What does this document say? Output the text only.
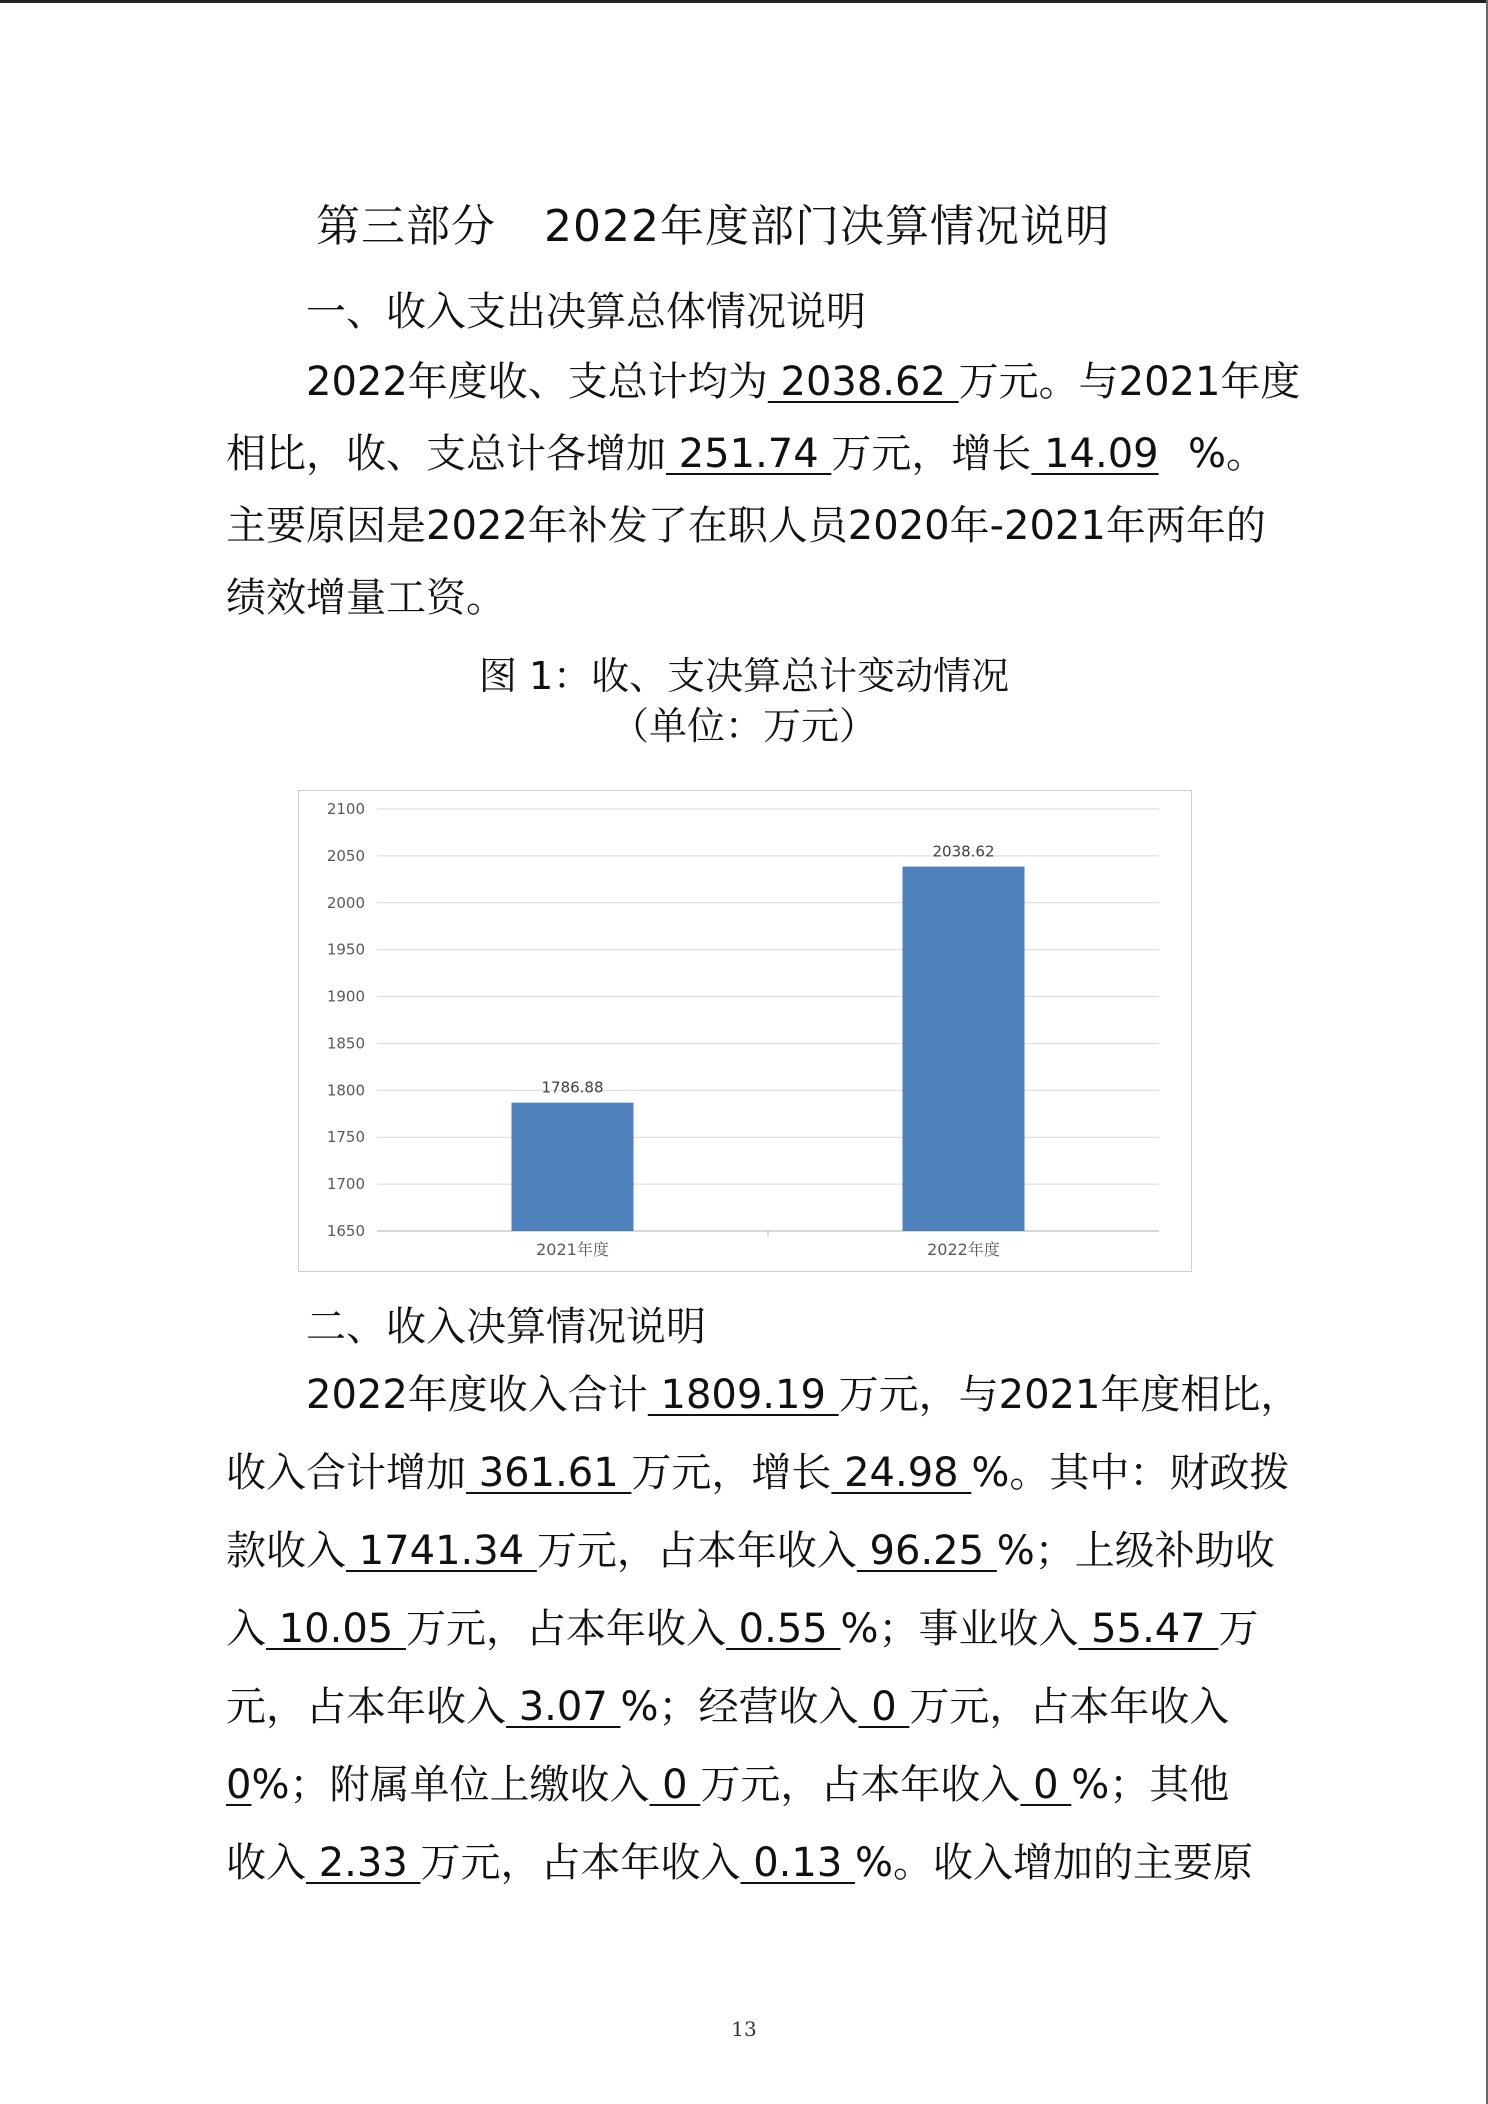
第三部分 2022年度部门决算情况说明
一、收入支出决算总体情况说明
2022年度收、支总计均为 2038.62 万元。与 2021年度
相比，收、支总计各增加 251.74 万元，增长 14.09 %。
主要原因是2022年补发了在职人员2020年-2021年两年的
绩效增量工资。
图 1：收、支决算总计变动情况
（单位：万元）
1650
1700
1750
1800
1850
1900
1950
2000
2050
2100
1786.88
2021年度
2038.62
2022年度
二、收入决算情况说明
2022年度收入合计 1809.19 万元，与2021年度相比，
收入合计增加 361.61 万元，增长 24.98 %。其中：财政拨
款收入 1741.34 万元，占本年收入 96.25 %；上级补助收
入 10.05 万元，占本年收入 0.55 %；事业收入 55.47 万
元，占本年收入 3.07 %；经营收入 0 万元，占本年收入
0%；附属单位上缴收入 0 万元，占本年收入 0 %；其他
收入 2.33 万元，占本年收入 0.13 %。收入增加的主要原
13
